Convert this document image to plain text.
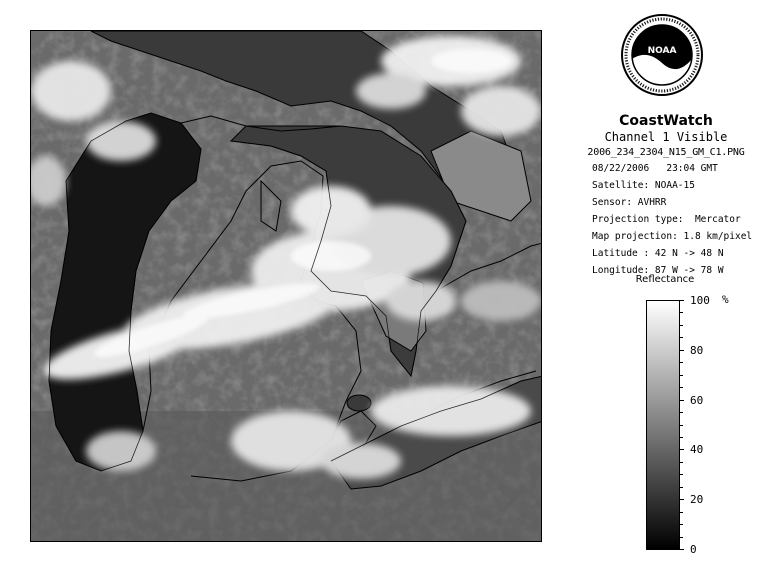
NOAA
CoastWatch
Channel 1 Visible
2006_234_2304_N15_GM_C1.PNG
08/22/2006   23:04 GMT
Satellite: NOAA-15
Sensor: AVHRR
Projection type:  Mercator
Map projection: 1.8 km/pixel
Latitude : 42 N -> 48 N
Longitude: 87 W -> 78 W
Reflectance
100
80
60
40
20
0
%
